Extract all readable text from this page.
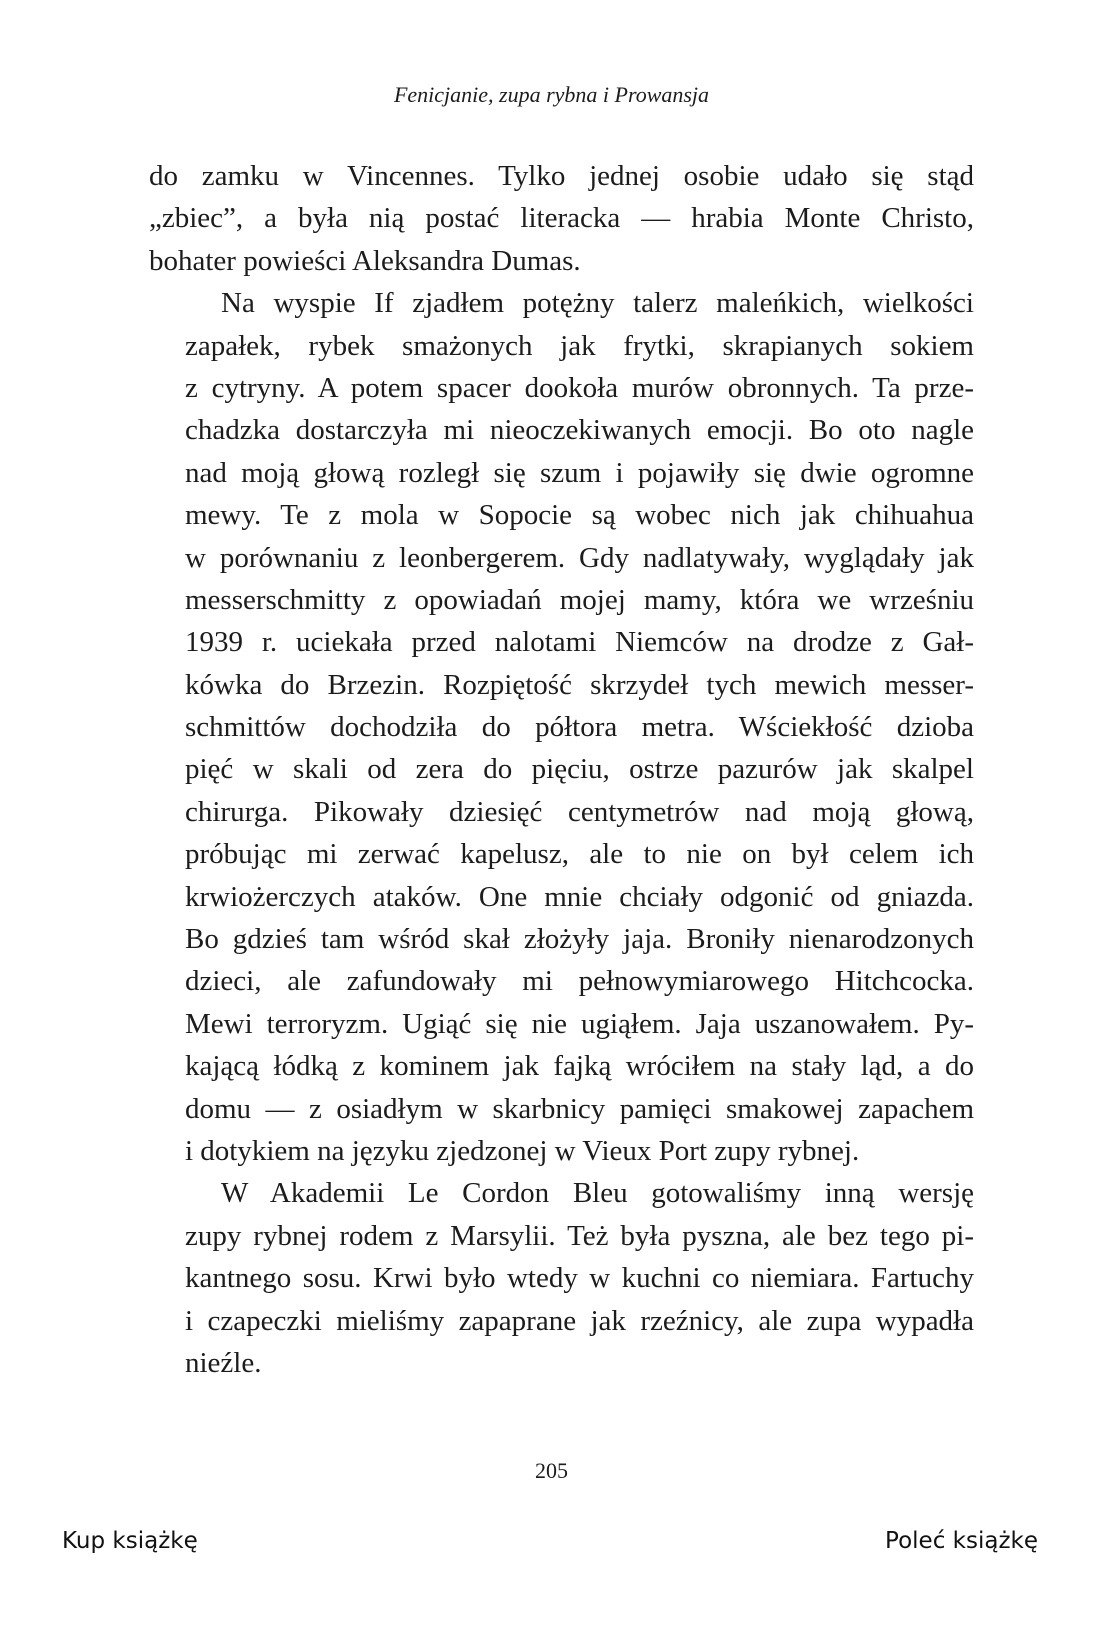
Fenicjanie, zupa rybna i Prowansja
do zamku w Vincennes. Tylko jednej osobie udało się stąd
„zbiec”, a była nią postać literacka — hrabia Monte Christo,
bohater powieści Aleksandra Dumas.
Na wyspie If zjadłem potężny talerz maleńkich, wielkości
zapałek, rybek smażonych jak frytki, skrapianych sokiem
z cytryny. A potem spacer dookoła murów obronnych. Ta prze-
chadzka dostarczyła mi nieoczekiwanych emocji. Bo oto nagle
nad moją głową rozległ się szum i pojawiły się dwie ogromne
mewy. Te z mola w Sopocie są wobec nich jak chihuahua
w porównaniu z leonbergerem. Gdy nadlatywały, wyglądały jak
messerschmitty z opowiadań mojej mamy, która we wrześniu
1939 r. uciekała przed nalotami Niemców na drodze z Gał-
kówka do Brzezin. Rozpiętość skrzydeł tych mewich messer-
schmittów dochodziła do półtora metra. Wściekłość dzioba
pięć w skali od zera do pięciu, ostrze pazurów jak skalpel
chirurga. Pikowały dziesięć centymetrów nad moją głową,
próbując mi zerwać kapelusz, ale to nie on był celem ich
krwiożerczych ataków. One mnie chciały odgonić od gniazda.
Bo gdzieś tam wśród skał złożyły jaja. Broniły nienarodzonych
dzieci, ale zafundowały mi pełnowymiarowego Hitchcocka.
Mewi terroryzm. Ugiąć się nie ugiąłem. Jaja uszanowałem. Py-
kającą łódką z kominem jak fajką wróciłem na stały ląd, a do
domu — z osiadłym w skarbnicy pamięci smakowej zapachem
i dotykiem na języku zjedzonej w Vieux Port zupy rybnej.
W Akademii Le Cordon Bleu gotowaliśmy inną wersję
zupy rybnej rodem z Marsylii. Też była pyszna, ale bez tego pi-
kantnego sosu. Krwi było wtedy w kuchni co niemiara. Fartuchy
i czapeczki mieliśmy zapaprane jak rzeźnicy, ale zupa wypadła
nieźle.
205
Kup książkę	Poleć książkę
